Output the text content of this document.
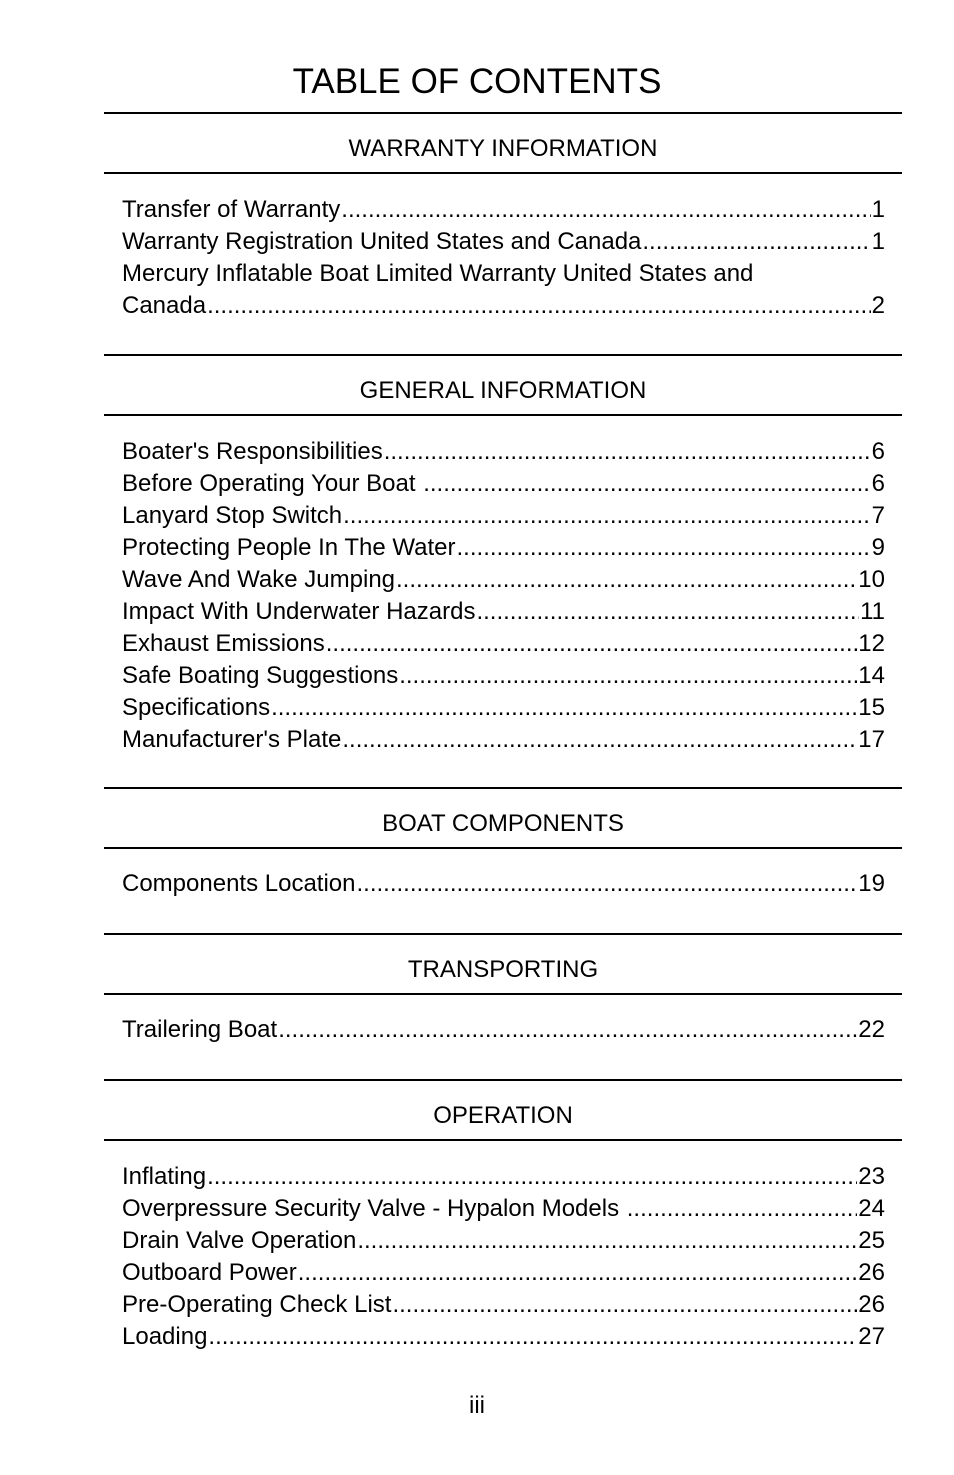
TABLE OF CONTENTS
WARRANTY INFORMATION
Transfer of Warranty .....	1
Warranty Registration United States and Canada .....	1
Mercury Inflatable Boat Limited Warranty United States and
Canada .....	2
GENERAL INFORMATION
Boater's Responsibilities .....	6
Before Operating Your Boat .....	6
Lanyard Stop Switch .....	7
Protecting People In The Water .....	9
Wave And Wake Jumping .....	10
Impact With Underwater Hazards .....	11
Exhaust Emissions .....	12
Safe Boating Suggestions .....	14
Specifications .....	15
Manufacturer's Plate .....	17
BOAT COMPONENTS
Components Location .....	19
TRANSPORTING
Trailering Boat .....	22
OPERATION
Inflating .....	23
Overpressure Security Valve - Hypalon Models .....	24
Drain Valve Operation .....	25
Outboard Power .....	26
Pre-Operating Check List .....	26
Loading .....	27
iii
